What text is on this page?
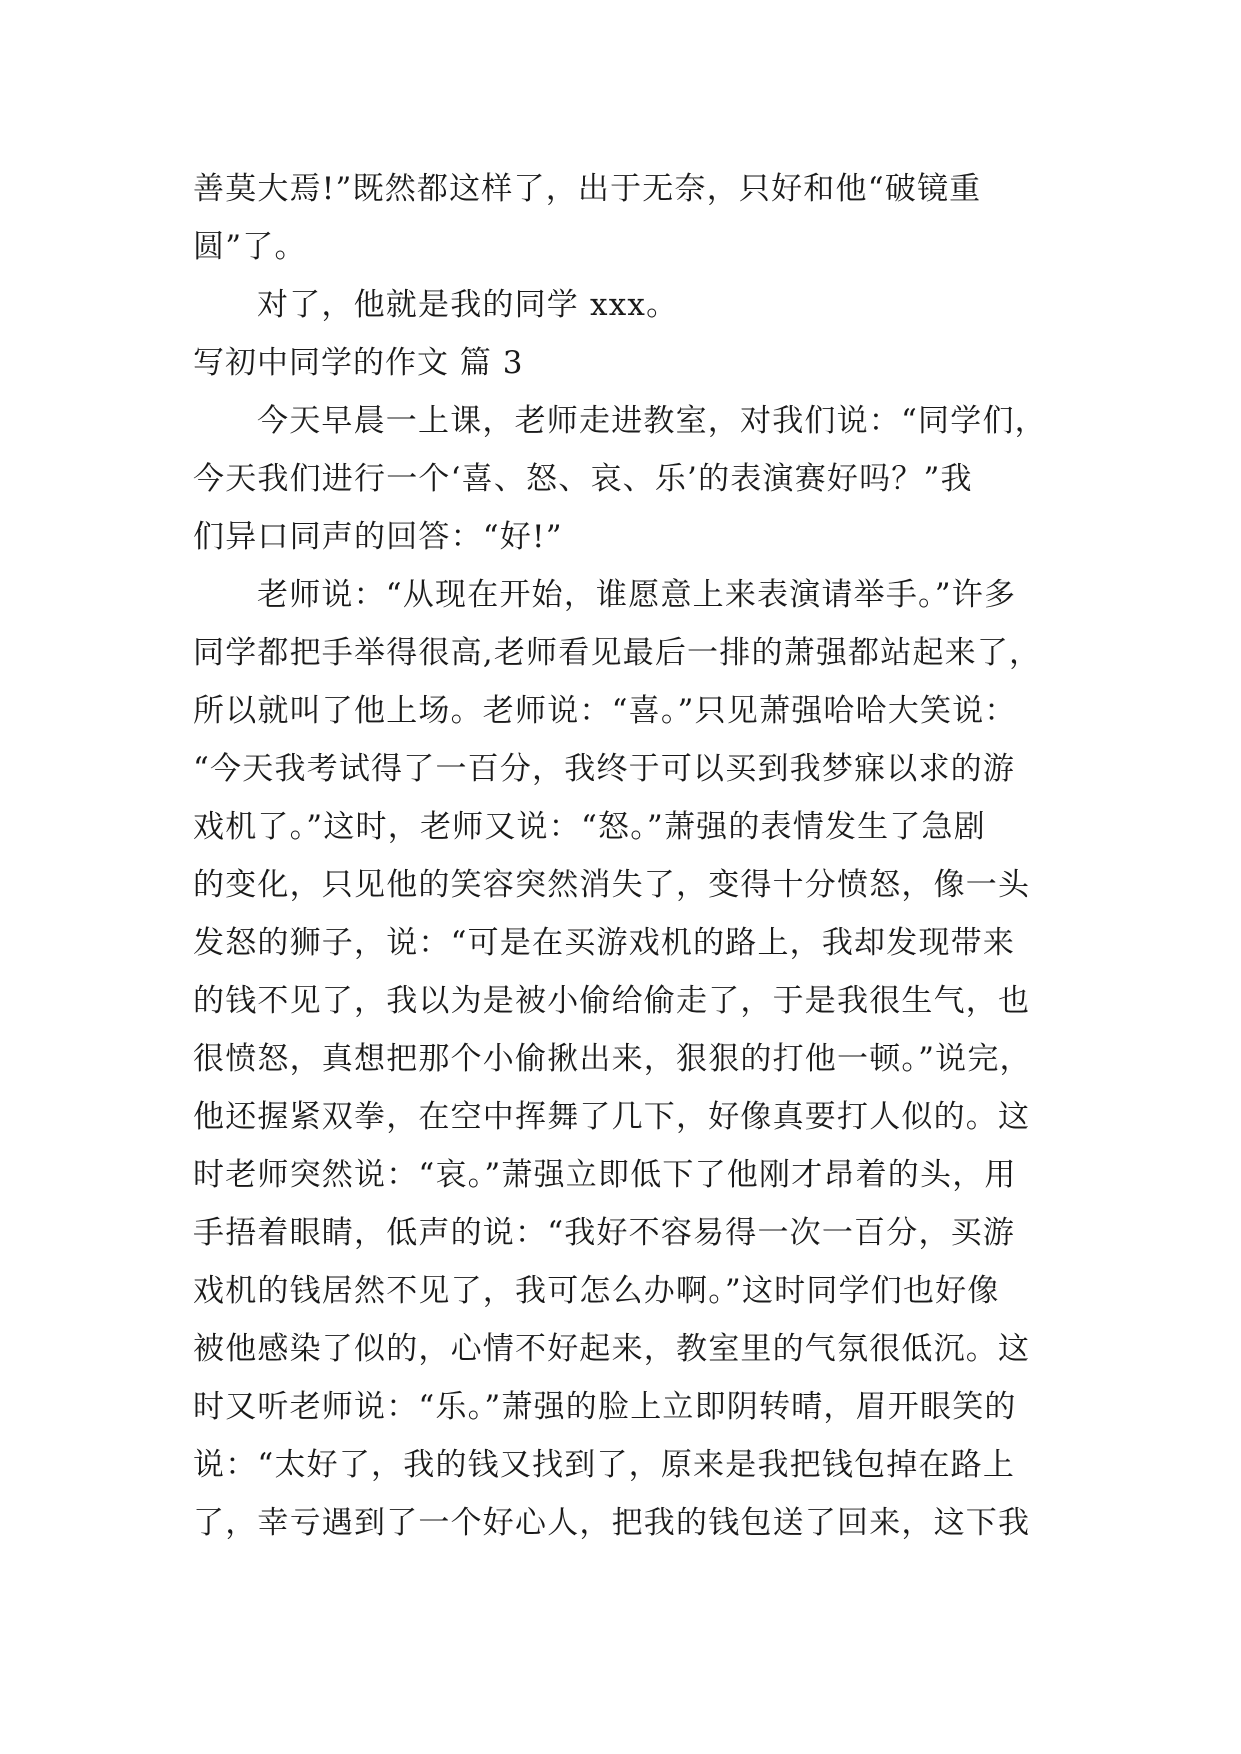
善莫大焉!”既然都这样了，出于无奈，只好和他“破镜重
圆”了。
对了，他就是我的同学 xxx。
写初中同学的作文 篇 3
今天早晨一上课，老师走进教室，对我们说：“同学们，
今天我们进行一个‘喜、怒、哀、乐’的表演赛好吗？”我
们异口同声的回答：“好!”
老师说：“从现在开始，谁愿意上来表演请举手。”许多
同学都把手举得很高,老师看见最后一排的萧强都站起来了，
所以就叫了他上场。老师说：“喜。”只见萧强哈哈大笑说：
“今天我考试得了一百分，我终于可以买到我梦寐以求的游
戏机了。”这时，老师又说：“怒。”萧强的表情发生了急剧
的变化，只见他的笑容突然消失了，变得十分愤怒，像一头
发怒的狮子，说：“可是在买游戏机的路上，我却发现带来
的钱不见了，我以为是被小偷给偷走了，于是我很生气，也
很愤怒，真想把那个小偷揪出来，狠狠的打他一顿。”说完，
他还握紧双拳，在空中挥舞了几下，好像真要打人似的。这
时老师突然说：“哀。”萧强立即低下了他刚才昂着的头，用
手捂着眼睛，低声的说：“我好不容易得一次一百分，买游
戏机的钱居然不见了，我可怎么办啊。”这时同学们也好像
被他感染了似的，心情不好起来，教室里的气氛很低沉。这
时又听老师说：“乐。”萧强的脸上立即阴转晴，眉开眼笑的
说：“太好了，我的钱又找到了，原来是我把钱包掉在路上
了，幸亏遇到了一个好心人，把我的钱包送了回来，这下我
